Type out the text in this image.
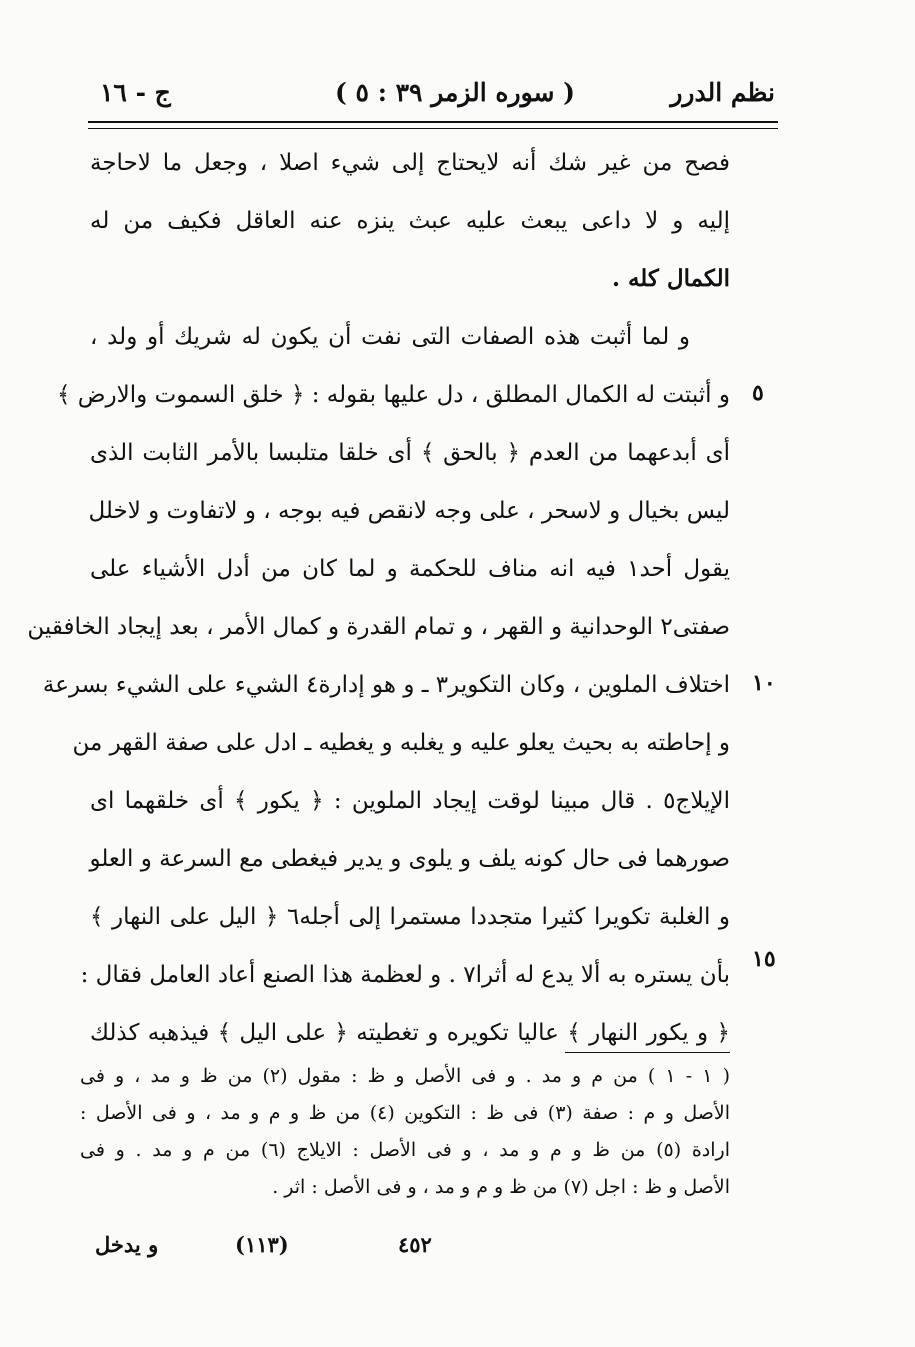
نظم الدرر
( سوره الزمر ٣٩ : ٥ )
ج - ١٦
فصح من غير شك أنه لايحتاج إلى شيء اصلا ، وجعل ما لاحاجة
إليه و لا داعى يبعث عليه عبث ينزه عنه العاقل فكيف من له
الكمال كله .
و لما أثبت هذه الصفات التى نفت أن يكون له شريك أو ولد ،
و أثبتت له الكمال المطلق ، دل عليها بقوله : ﴿ خلق السموت والارض ﴾
أى أبدعهما من العدم ﴿ بالحق ﴾ أى خلقا متلبسا بالأمر الثابت الذى
ليس بخيال و لاسحر ، على وجه لانقص فيه بوجه ، و لاتفاوت و لاخلل
يقول أحد١ فيه انه مناف للحكمة و لما كان من أدل الأشياء على
صفتى٢ الوحدانية و القهر ، و تمام القدرة و كمال الأمر ، بعد إيجاد الخافقين
اختلاف الملوين ، وكان التكوير٣ ـ و هو إدارة٤ الشيء على الشيء بسرعة
و إحاطته به بحيث يعلو عليه و يغلبه و يغطيه ـ ادل على صفة القهر من
الإيلاج٥ . قال مبينا لوقت إيجاد الملوين : ﴿ يكور ﴾ أى خلقهما اى
صورهما فى حال كونه يلف و يلوى و يدير فيغطى مع السرعة و العلو
و الغلبة تكويرا كثيرا متجددا مستمرا إلى أجله٦ ﴿ اليل على النهار ﴾
بأن يستره به ألا يدع له أثرا٧ . و لعظمة هذا الصنع أعاد العامل فقال :
﴿ و يكور النهار ﴾ عاليا تكويره و تغطيته ﴿ على اليل ﴾ فيذهبه كذلك
٥
١٠
١٥
( ١ - ١ ) من م و مد . و فى الأصل و ظ : مقول (٢) من ظ و مد ، و فى
الأصل و م : صفة (٣) فى ظ : التكوين (٤) من ظ و م و مد ، و فى الأصل :
ارادة (٥) من ظ و م و مد ، و فى الأصل : الايلاج (٦) من م و مد . و فى
الأصل و ظ : اجل (٧) من ظ و م و مد ، و فى الأصل : اثر .
٤٥٢
(١١٣)
و يدخل
